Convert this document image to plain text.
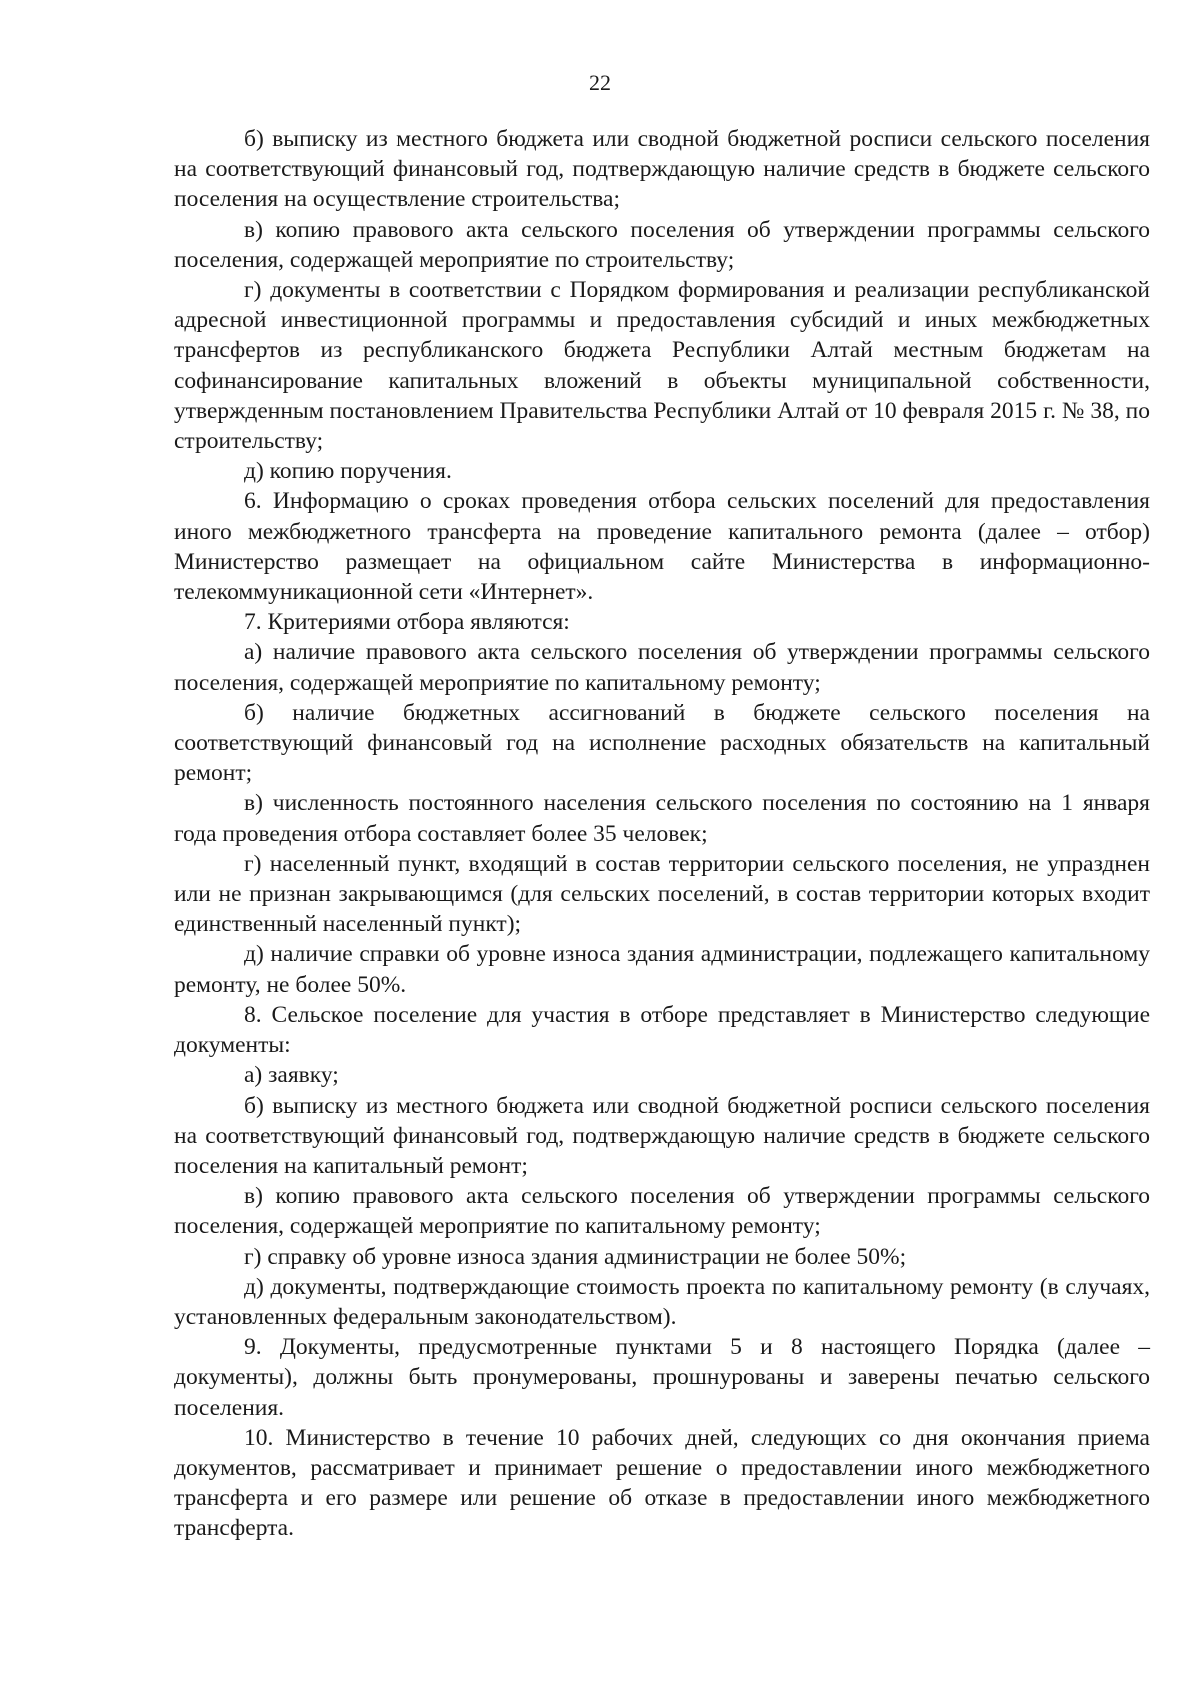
22

б) выписку из местного бюджета или сводной бюджетной росписи сельского поселения на соответствующий финансовый год, подтверждающую наличие средств в бюджете сельского поселения на осуществление строительства;

в) копию правового акта сельского поселения об утверждении программы сельского поселения, содержащей мероприятие по строительству;

г) документы в соответствии с Порядком формирования и реализации республиканской адресной инвестиционной программы и предоставления субсидий и иных межбюджетных трансфертов из республиканского бюджета Республики Алтай местным бюджетам на софинансирование капитальных вложений в объекты муниципальной собственности, утвержденным постановлением Правительства Республики Алтай от 10 февраля 2015 г. № 38, по строительству;

д) копию поручения.

6. Информацию о сроках проведения отбора сельских поселений для предоставления иного межбюджетного трансферта на проведение капитального ремонта (далее – отбор) Министерство размещает на официальном сайте Министерства в информационно-телекоммуникационной сети «Интернет».

7. Критериями отбора являются:

а) наличие правового акта сельского поселения об утверждении программы сельского поселения, содержащей мероприятие по капитальному ремонту;

б) наличие бюджетных ассигнований в бюджете сельского поселения на соответствующий финансовый год на исполнение расходных обязательств на капитальный ремонт;

в) численность постоянного населения сельского поселения по состоянию на 1 января года проведения отбора составляет более 35 человек;

г) населенный пункт, входящий в состав территории сельского поселения, не упразднен или не признан закрывающимся (для сельских поселений, в состав территории которых входит единственный населенный пункт);

д) наличие справки об уровне износа здания администрации, подлежащего капитальному ремонту, не более 50%.

8. Сельское поселение для участия в отборе представляет в Министерство следующие документы:

а) заявку;

б) выписку из местного бюджета или сводной бюджетной росписи сельского поселения на соответствующий финансовый год, подтверждающую наличие средств в бюджете сельского поселения на капитальный ремонт;

в) копию правового акта сельского поселения об утверждении программы сельского поселения, содержащей мероприятие по капитальному ремонту;

г) справку об уровне износа здания администрации не более 50%;

д) документы, подтверждающие стоимость проекта по капитальному ремонту (в случаях, установленных федеральным законодательством).

9. Документы, предусмотренные пунктами 5 и 8 настоящего Порядка (далее – документы), должны быть пронумерованы, прошнурованы и заверены печатью сельского поселения.

10. Министерство в течение 10 рабочих дней, следующих со дня окончания приема документов, рассматривает и принимает решение о предоставлении иного межбюджетного трансферта и его размере или решение об отказе в предоставлении иного межбюджетного трансферта.
